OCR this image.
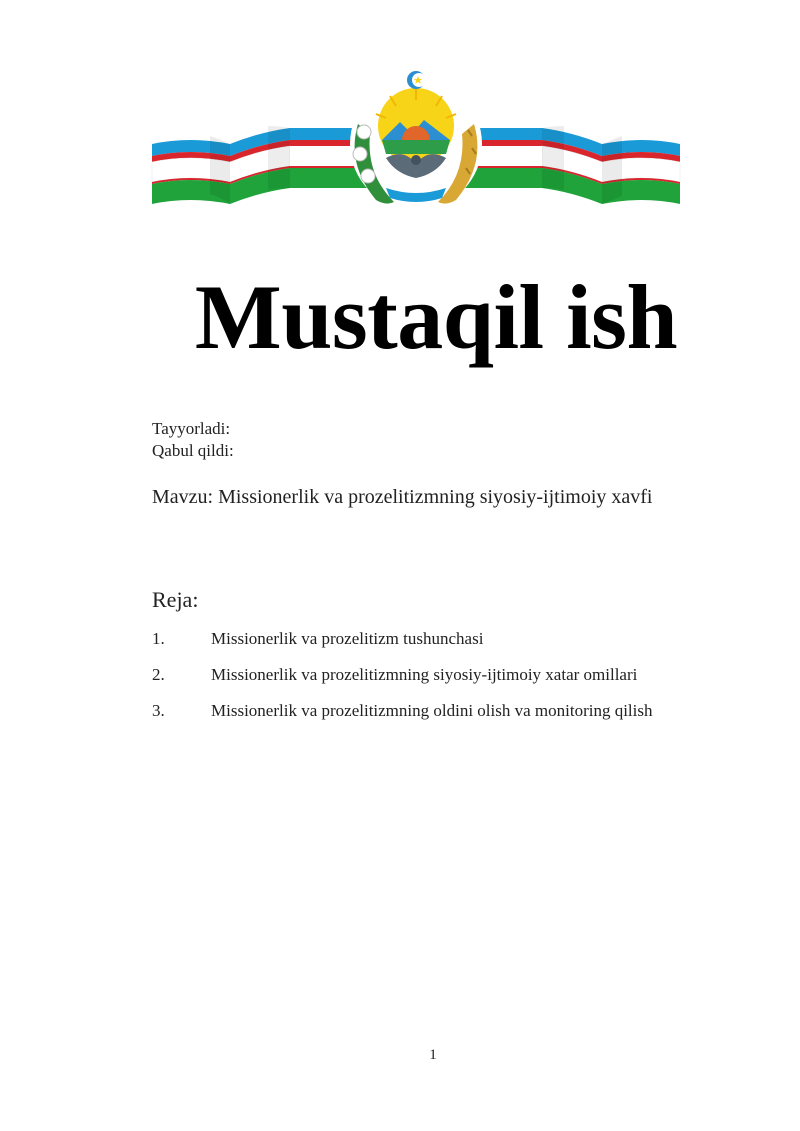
Mustaqil ish
Tayyorladi:
Qabul qildi:
Mavzu: Missionerlik va prozelitizmning siyosiy-ijtimoiy xavfi
Reja:
1.	Missionerlik va prozelitizm tushunchasi
2.	Missionerlik va prozelitizmning siyosiy-ijtimoiy xatar omillari
3.	Missionerlik va prozelitizmning oldini olish va monitoring qilish
1
